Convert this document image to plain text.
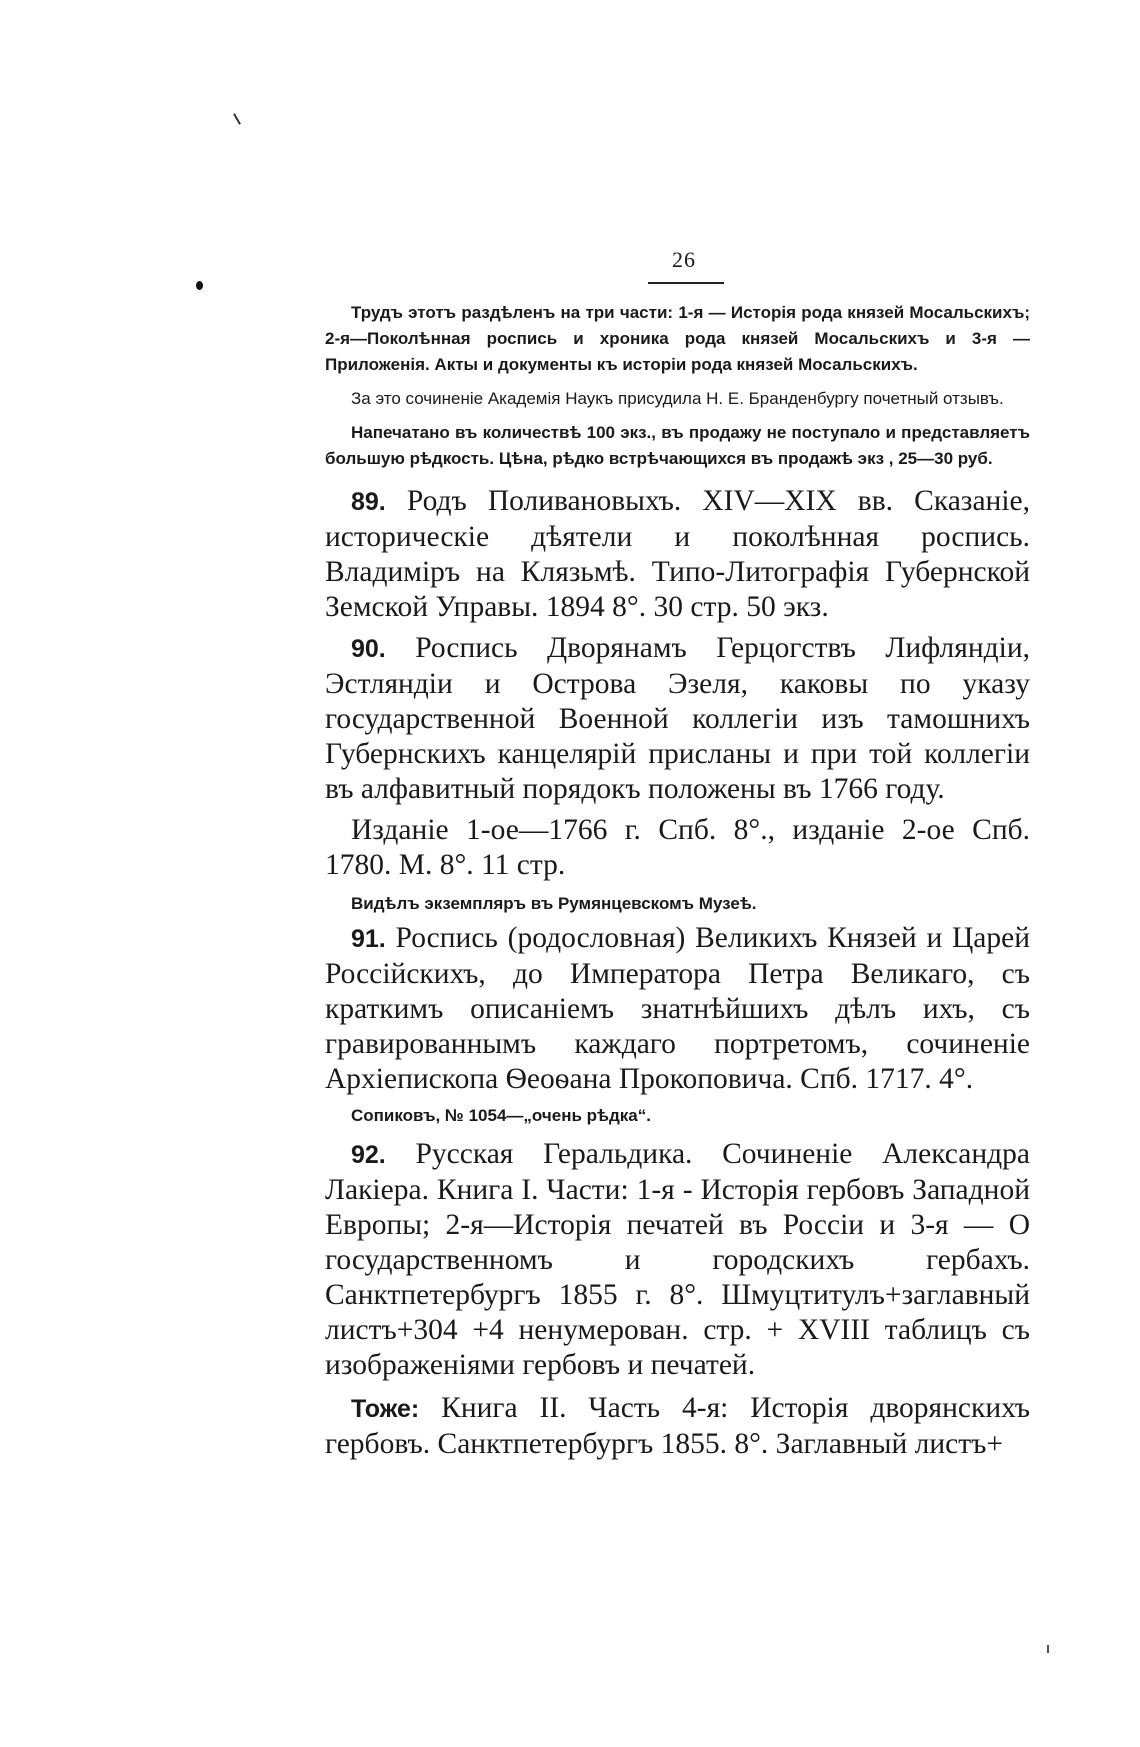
26

Трудъ этотъ раздѣленъ на три части: 1-я — Исторія рода князей Мосальскихъ; 2-я—Поколѣнная роспись и хроника рода князей Мосальскихъ и 3-я — Приложенія. Акты и документы къ исторіи рода князей Мосальскихъ.

За это сочиненіе Академія Наукъ присудила Н. Е. Бранденбургу почетный отзывъ.

Напечатано въ количествѣ 100 экз., въ продажу не поступало и представляетъ большую рѣдкость. Цѣна, рѣдко встрѣчающихся въ продажѣ экз , 25—30 руб.

89. Родъ Поливановыхъ. XIV—XIX вв. Сказаніе, историческіе дѣятели и поколѣнная роспись. Владиміръ на Клязьмѣ. Типо-Литографія Губернской Земской Управы. 1894 8°. 30 стр. 50 экз.

90. Роспись Дворянамъ Герцогствъ Лифляндіи, Эстляндіи и Острова Эзеля, каковы по указу государственной Военной коллегіи изъ тамошнихъ Губернскихъ канцелярій присланы и при той коллегіи въ алфавитный порядокъ положены въ 1766 году.

Изданіе 1-ое—1766 г. Спб. 8°., изданіе 2-ое Спб. 1780. М. 8°. 11 стр.

Видѣлъ экземпляръ въ Румянцевскомъ Музеѣ.

91. Роспись (родословная) Великихъ Князей и Царей Россійскихъ, до Императора Петра Великаго, съ краткимъ описаніемъ знатнѣйшихъ дѣлъ ихъ, съ гравированнымъ каждаго портретомъ, сочиненіе Архіепископа Ѳеоѳана Прокоповича. Спб. 1717. 4°.

Сопиковъ, № 1054—„очень рѣдка“.

92. Русская Геральдика. Сочиненіе Александра Лакіера. Книга I. Части: 1-я - Исторія гербовъ Западной Европы; 2-я—Исторія печатей въ Россіи и 3-я — О государственномъ и городскихъ гербахъ. Санктпетербургъ 1855 г. 8°. Шмуцтитулъ+заглавный листъ+304 +4 ненумерован. стр. + XVIII таблицъ съ изображеніями гербовъ и печатей.

Тоже: Книга II. Часть 4-я: Исторія дворянскихъ гербовъ. Санктпетербургъ 1855. 8°. Заглавный листъ+
